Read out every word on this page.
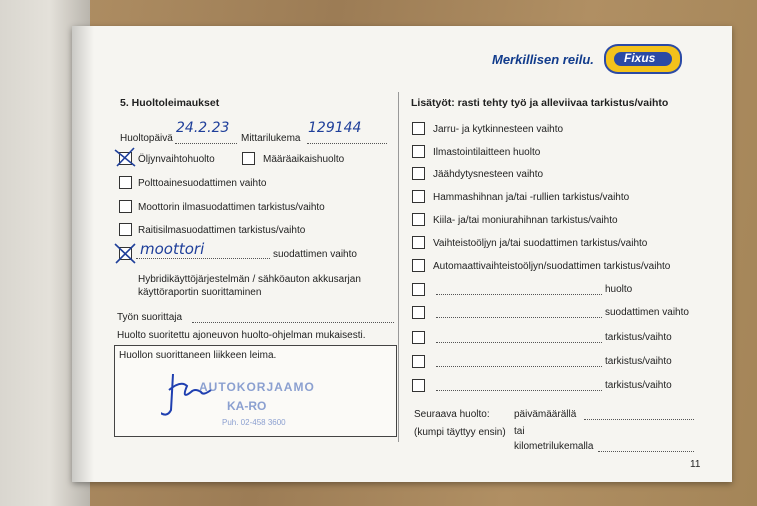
Merkillisen reilu.	Fixus
5. Huoltoleimaukset
Huoltopäivä
24.2.23
Mittarilukema
129144
Öljynvaihtohuolto	Määräaikaishuolto
Polttoainesuodattimen vaihto
Moottorin ilmasuodattimen tarkistus/vaihto
Raitisilmasuodattimen tarkistus/vaihto
moottori	suodattimen vaihto
Hybridikäyttöjärjestelmän / sähköauton akkusarjan
käyttöraportin suorittaminen
Työn suorittaja
Huolto suoritettu ajoneuvon huolto-ohjelman mukaisesti.
Huollon suorittaneen liikkeen leima.
AUTOKORJAAMO
KA-RO
Puh. 02-458 3600
Lisätyöt: rasti tehty työ ja alleviivaa tarkistus/vaihto
Jarru- ja kytkinnesteen vaihto
Ilmastointilaitteen huolto
Jäähdytysnesteen vaihto
Hammashihnan ja/tai -rullien tarkistus/vaihto
Kiila- ja/tai moniurahihnan tarkistus/vaihto
Vaihteistoöljyn ja/tai suodattimen tarkistus/vaihto
Automaattivaihteistoöljyn/suodattimen tarkistus/vaihto
huolto
suodattimen vaihto
tarkistus/vaihto
tarkistus/vaihto
tarkistus/vaihto
Seuraava huolto:
(kumpi täyttyy ensin)
päivämäärällä
tai
kilometrilukemalla
11
